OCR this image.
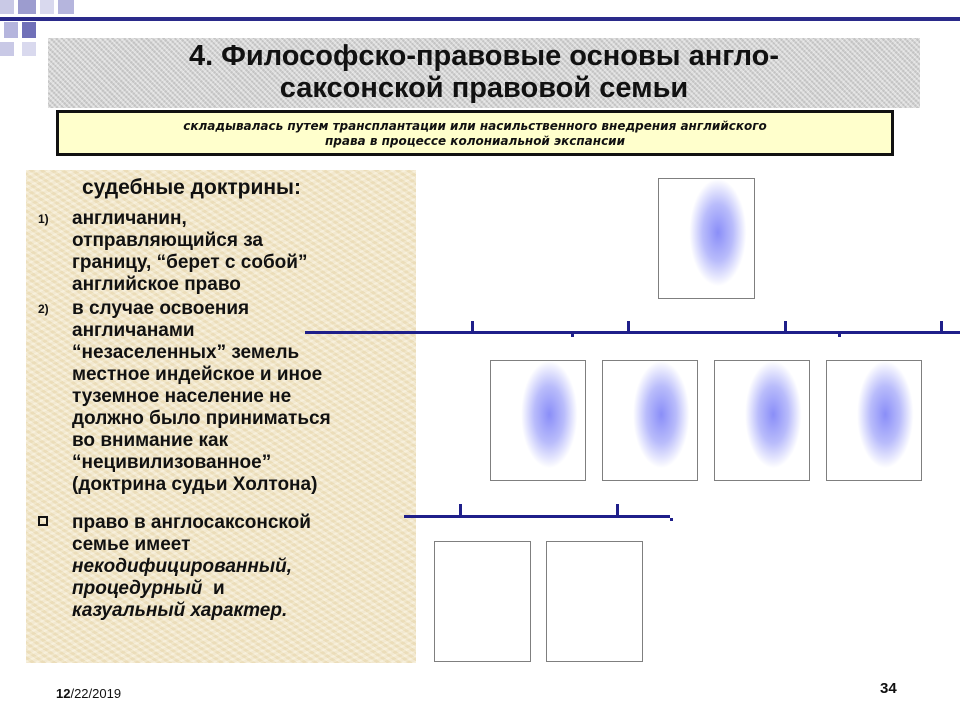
4. Философско-правовые основы англо-
саксонской правовой семьи
складывалась путем трансплантации или насильственного внедрения английского
права в процессе колониальной экспансии
судебные доктрины:
1) англичанин,
отправляющийся за
границу, “берет с собой”
английское право
2) в случае освоения
англичанами
“незаселенных” земель
местное индейское и иное
туземное население не
должно было приниматься
во внимание как
“нецивилизованное”
(доктрина судьи Холтона)
право в англосаксонской
семье имеет
некодифицированный,
процедурный  и
казуальный характер.
12/22/2019	34
